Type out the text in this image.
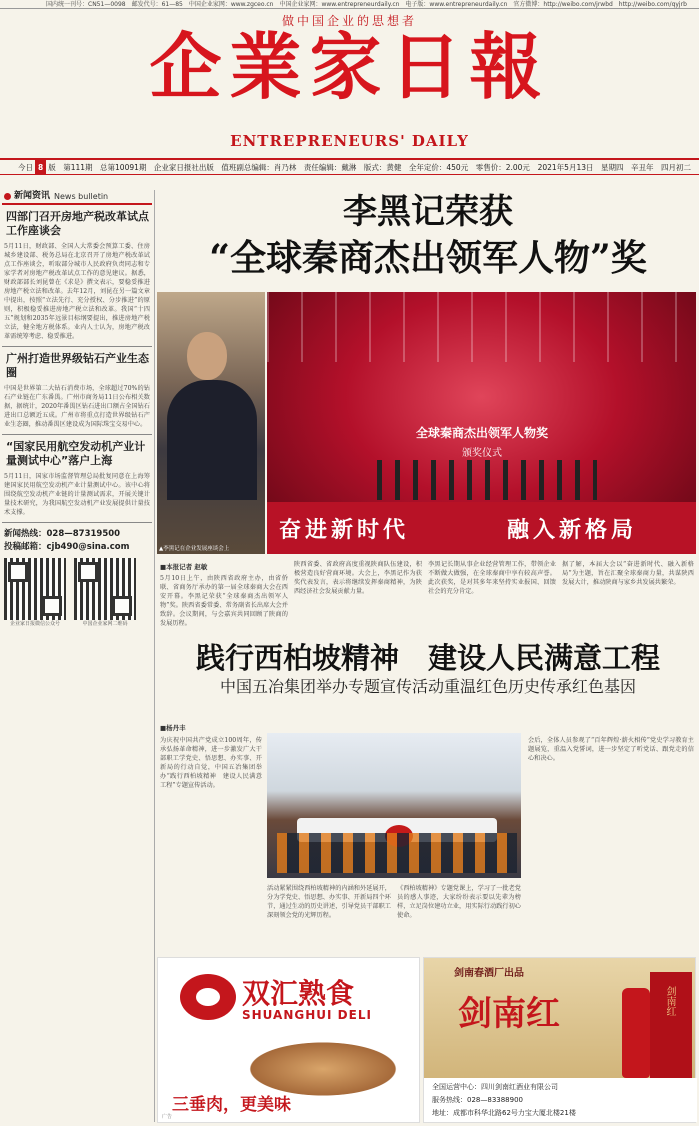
国内统一刊号：CN51—0098　邮发代号：61—85　中国企业家网：www.zgceo.cn　中国企业家网：www.entrepreneurdaily.cn　电子版：www.entrepreneurdaily.cn　官方微博：http://weibo.com/jrwbd　http://weibo.com/qyjrb
做中国企业的思想者
企業家日報
ENTREPRENEURS' DAILY
今日 8 版　第111期　总第10091期　企业家日报社出版　值班副总编辑：肖乃林　责任编辑：戴淋　版式：黄健　全年定价：450元　零售价：2.00元 2021年5月13日　星期四　辛丑年　四月初二
新闻资讯 News bulletin
四部门召开房地产税改革试点工作座谈会
5月11日，财政部、全国人大常委会预算工委、住房城乡建设部、税务总局在北京召开了房地产税改革试点工作座谈会，听取部分城市人民政府负责同志和专家学者对房地产税改革试点工作的意见建议。据悉，财政部部长刘昆曾在《求是》撰文表示，要稳妥推进房地产税立法和改革。去年12月，刘昆在另一篇文章中提出，按照“立法先行、充分授权、分步推进”的原则，积极稳妥推进房地产税立法和改革。我国“十四五”规划和2035年远景目标纲要提出，推进房地产税立法，健全地方税体系。业内人士认为，房地产税改革需统筹考虑、稳妥推进。
广州打造世界级钻石产业生态圈
中国是世界第二大钻石消费市场，全球超过70%的钻石产业链在广东番禺。广州市商务局11日公布相关数据，据统计，2020年番禺区钻石进出口额占全国钻石进出口总额近五成。广州市将重点打造世界级钻石产业生态圈，推动番禺区建设成为国际珠宝交易中心。
“国家民用航空发动机产业计量测试中心”落户上海
5月11日，国家市场监督管理总局批复同意在上海筹建国家民用航空发动机产业计量测试中心。该中心将围绕航空发动机产业链的计量测试需求，开展关键计量技术研究，为我国航空发动机产业发展提供计量技术支撑。
新闻热线：028—87319500
投稿邮箱：cjb490@sina.com
企业家日报微信公众号	中国企业家网二维码
李黑记荣获
“全球秦商杰出领军人物”奖
▲李黑记在企业发展座谈会上
全球秦商杰出领军人物奖
颁奖仪式
奋进新时代	融入新格局
■本报记者 赵敏
5月10日上午，由陕西省政府主办，由省侨联、省商务厅承办的第一届全球秦商大会在西安开幕。李黑记荣获“全球秦商杰出领军人物”奖。陕西省委常委、常务副省长出席大会并致辞。会议期间，与会嘉宾共同回顾了陕商的发展历程。
陕西省委、省政府高度重视陕商队伍建设，积极营造良好营商环境。大会上，李黑记作为获奖代表发言，表示将继续发挥秦商精神，为陕西经济社会发展贡献力量。
李黑记长期从事企业经营管理工作，带领企业不断做大做强，在全球秦商中享有较高声誉。此次获奖，是对其多年来坚持实业报国、回馈社会的充分肯定。
据了解，本届大会以“奋进新时代、融入新格局”为主题，旨在汇聚全球秦商力量，共谋陕西发展大计，推动陕商与家乡共发展共繁荣。
践行西柏坡精神　建设人民满意工程
中国五冶集团举办专题宣传活动重温红色历史传承红色基因
■杨丹丰
为庆祝中国共产党成立100周年，传承弘扬革命精神，进一步激发广大干部职工学党史、悟思想、办实事、开新局的行动自觉，中国五冶集团举办“践行西柏坡精神　建设人民满意工程”专题宣传活动。
活动紧紧围绕西柏坡精神的内涵和外延展开，分为学党史、悟思想、办实事、开新局四个环节，通过生动的历史讲述，引导党员干部职工深刻领会党的光辉历程。
《西柏坡精神》专题党课上，学习了一批老党员的感人事迹，大家纷纷表示要以先辈为榜样，立足岗位建功立业，用实际行动践行初心使命。
会后，全体人员参观了“百年辉煌·薪火相传”党史学习教育主题展览，重温入党誓词，进一步坚定了听党话、跟党走的信心和决心。
双汇熟食
SHUANGHUI DELI
三垂肉，更美味
广告
剑南春酒厂出品
剑南红	剑南红
全国运营中心：四川剑南红酒业有限公司
服务热线：028—83388900
地址：成都市科华北路62号力宝大厦北楼21楼
